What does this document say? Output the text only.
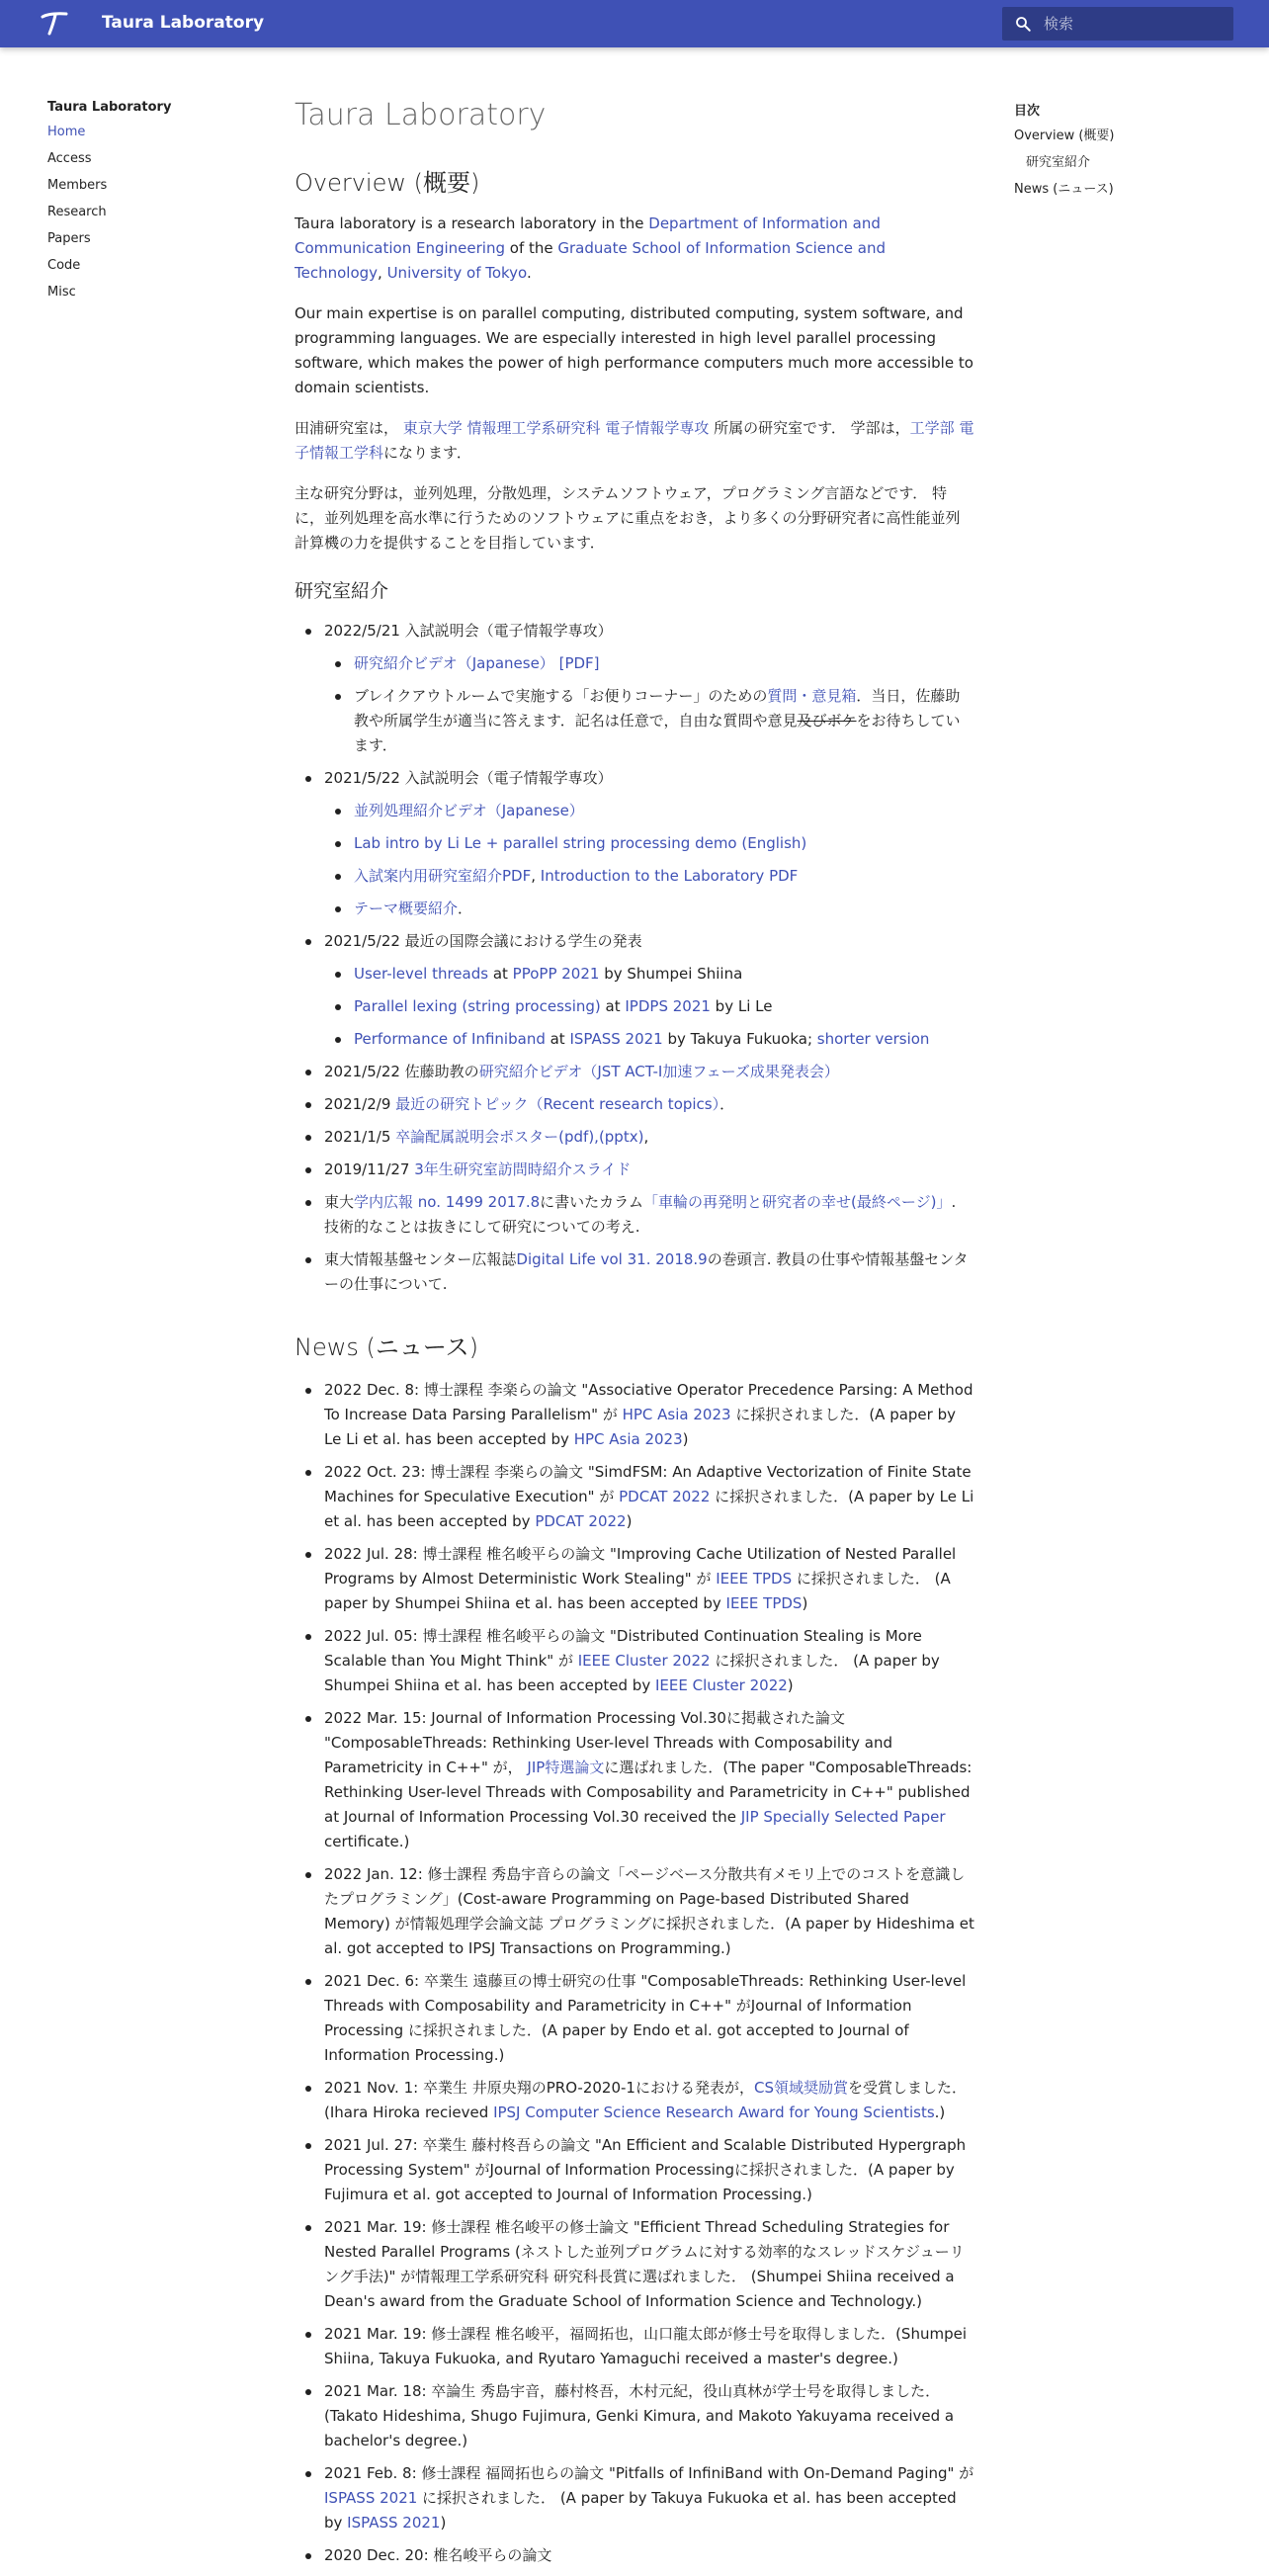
Taura Laboratory
検索
Taura Laboratory
Home
Access
Members
Research
Papers
Code
Misc
目次
Overview (概要)
研究室紹介
News (ニュース)
Taura Laboratory
Overview (概要)

Taura laboratory is a research laboratory in the Department of Information and Communication Engineering of the Graduate School of Information Science and Technology, University of Tokyo.

Our main expertise is on parallel computing, distributed computing, system software, and programming languages. We are especially interested in high level parallel processing software, which makes the power of high performance computers much more accessible to domain scientists.

田浦研究室は， 東京大学 情報理工学系研究科 電子情報学専攻 所属の研究室です． 学部は，工学部 電子情報工学科になります．

主な研究分野は，並列処理，分散処理，システムソフトウェア，プログラミング言語などです． 特に，並列処理を高水準に行うためのソフトウェアに重点をおき，より多くの分野研究者に高性能並列計算機の力を提供することを目指しています．

研究室紹介
2022/5/21 入試説明会（電子情報学専攻）
研究紹介ビデオ（Japanese） [PDF]
ブレイクアウトルームで実施する「お便りコーナー」のための質問・意見箱．当日，佐藤助教や所属学生が適当に答えます．記名は任意で，自由な質問や意見及びボケをお待ちしています．
2021/5/22 入試説明会（電子情報学専攻）
並列処理紹介ビデオ（Japanese）
Lab intro by Li Le + parallel string processing demo (English)
入試案内用研究室紹介PDF, Introduction to the Laboratory PDF
テーマ概要紹介．
2021/5/22 最近の国際会議における学生の発表
User-level threads at PPoPP 2021 by Shumpei Shiina
Parallel lexing (string processing) at IPDPS 2021 by Li Le
Performance of Infiniband at ISPASS 2021 by Takuya Fukuoka; shorter version
2021/5/22 佐藤助教の研究紹介ビデオ（JST ACT-I加速フェーズ成果発表会）
2021/2/9 最近の研究トピック（Recent research topics）．
2021/1/5 卒論配属説明会ポスター(pdf),(pptx),
2019/11/27 3年生研究室訪問時紹介スライド
東大学内広報 no. 1499 2017.8に書いたカラム「車輪の再発明と研究者の幸せ(最終ページ)」. 技術的なことは抜きにして研究についての考え.
東大情報基盤センター広報誌Digital Life vol 31. 2018.9の巻頭言. 教員の仕事や情報基盤センターの仕事について.
News (ニュース)
2022 Dec. 8: 博士課程 李楽らの論文 "Associative Operator Precedence Parsing: A Method To Increase Data Parsing Parallelism" が HPC Asia 2023 に採択されました．(A paper by Le Li et al. has been accepted by HPC Asia 2023)
2022 Oct. 23: 博士課程 李楽らの論文 "SimdFSM: An Adaptive Vectorization of Finite State Machines for Speculative Execution" が PDCAT 2022 に採択されました．(A paper by Le Li et al. has been accepted by PDCAT 2022)
2022 Jul. 28: 博士課程 椎名峻平らの論文 "Improving Cache Utilization of Nested Parallel Programs by Almost Deterministic Work Stealing" が IEEE TPDS に採択されました． (A paper by Shumpei Shiina et al. has been accepted by IEEE TPDS)
2022 Jul. 05: 博士課程 椎名峻平らの論文 "Distributed Continuation Stealing is More Scalable than You Might Think" が IEEE Cluster 2022 に採択されました． (A paper by Shumpei Shiina et al. has been accepted by IEEE Cluster 2022)
2022 Mar. 15: Journal of Information Processing Vol.30に掲載された論文 "ComposableThreads: Rethinking User-level Threads with Composability and Parametricity in C++" が， JIP特選論文に選ばれました．(The paper "ComposableThreads: Rethinking User-level Threads with Composability and Parametricity in C++" published at Journal of Information Processing Vol.30 received the JIP Specially Selected Paper certificate.)
2022 Jan. 12: 修士課程 秀島宇音らの論文「ページベース分散共有メモリ上でのコストを意識したプログラミング」(Cost-aware Programming on Page-based Distributed Shared Memory) が情報処理学会論文誌 プログラミングに採択されました．(A paper by Hideshima et al. got accepted to IPSJ Transactions on Programming.)
2021 Dec. 6: 卒業生 遠藤亘の博士研究の仕事 "ComposableThreads: Rethinking User-level Threads with Composability and Parametricity in C++" がJournal of Information Processing に採択されました．(A paper by Endo et al. got accepted to Journal of Information Processing.)
2021 Nov. 1: 卒業生 井原央翔のPRO-2020-1における発表が，CS領域奨励賞を受賞しました．(Ihara Hiroka recieved IPSJ Computer Science Research Award for Young Scientists.)
2021 Jul. 27: 卒業生 藤村柊吾らの論文 "An Efficient and Scalable Distributed Hypergraph Processing System" がJournal of Information Processingに採択されました．(A paper by Fujimura et al. got accepted to Journal of Information Processing.)
2021 Mar. 19: 修士課程 椎名峻平の修士論文 "Efficient Thread Scheduling Strategies for Nested Parallel Programs (ネストした並列プログラムに対する効率的なスレッドスケジューリング手法)" が情報理工学系研究科 研究科長賞に選ばれました． (Shumpei Shiina received a Dean's award from the Graduate School of Information Science and Technology.)
2021 Mar. 19: 修士課程 椎名峻平，福岡拓也，山口龍太郎が修士号を取得しました．(Shumpei Shiina, Takuya Fukuoka, and Ryutaro Yamaguchi received a master's degree.)
2021 Mar. 18: 卒論生 秀島宇音，藤村柊吾，木村元紀，役山真林が学士号を取得しました．(Takato Hideshima, Shugo Fujimura, Genki Kimura, and Makoto Yakuyama received a bachelor's degree.)
2021 Feb. 8: 修士課程 福岡拓也らの論文 "Pitfalls of InfiniBand with On-Demand Paging" が ISPASS 2021 に採択されました． (A paper by Takuya Fukuoka et al. has been accepted by ISPASS 2021)
2020 Dec. 20: 椎名峻平らの論文
